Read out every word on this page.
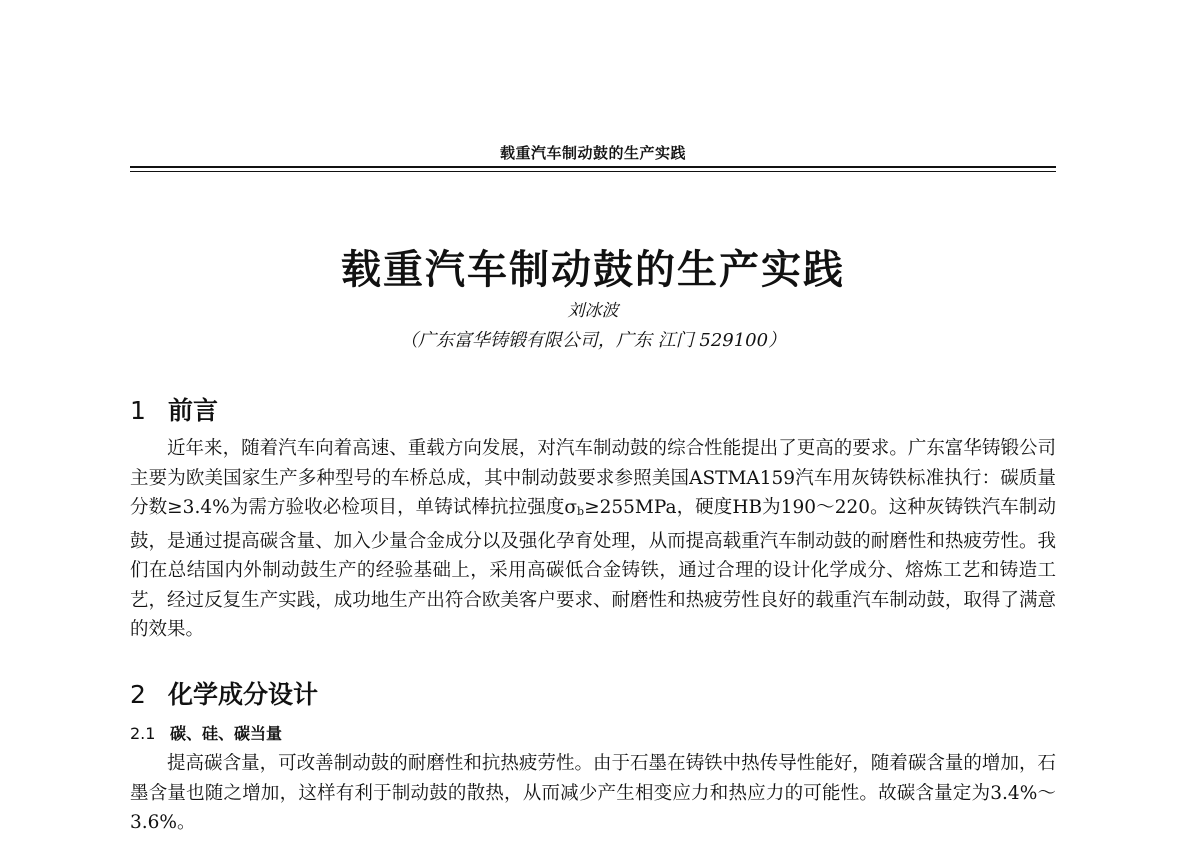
载重汽车制动鼓的生产实践
载重汽车制动鼓的生产实践
刘冰波
（广东富华铸锻有限公司，广东 江门 529100）
1 前言

近年来，随着汽车向着高速、重载方向发展，对汽车制动鼓的综合性能提出了更高的要求。广东富华铸锻公司主要为欧美国家生产多种型号的车桥总成，其中制动鼓要求参照美国ASTMA159汽车用灰铸铁标准执行：碳质量分数≥3.4%为需方验收必检项目，单铸试棒抗拉强度σb≥255MPa，硬度HB为190～220。这种灰铸铁汽车制动鼓，是通过提高碳含量、加入少量合金成分以及强化孕育处理，从而提高载重汽车制动鼓的耐磨性和热疲劳性。我们在总结国内外制动鼓生产的经验基础上，采用高碳低合金铸铁，通过合理的设计化学成分、熔炼工艺和铸造工艺，经过反复生产实践，成功地生产出符合欧美客户要求、耐磨性和热疲劳性良好的载重汽车制动鼓，取得了满意的效果。

2 化学成分设计
2.1 碳、硅、碳当量

提高碳含量，可改善制动鼓的耐磨性和抗热疲劳性。由于石墨在铸铁中热传导性能好，随着碳含量的增加，石墨含量也随之增加，这样有利于制动鼓的散热，从而减少产生相变应力和热应力的可能性。故碳含量定为3.4%～3.6%。
